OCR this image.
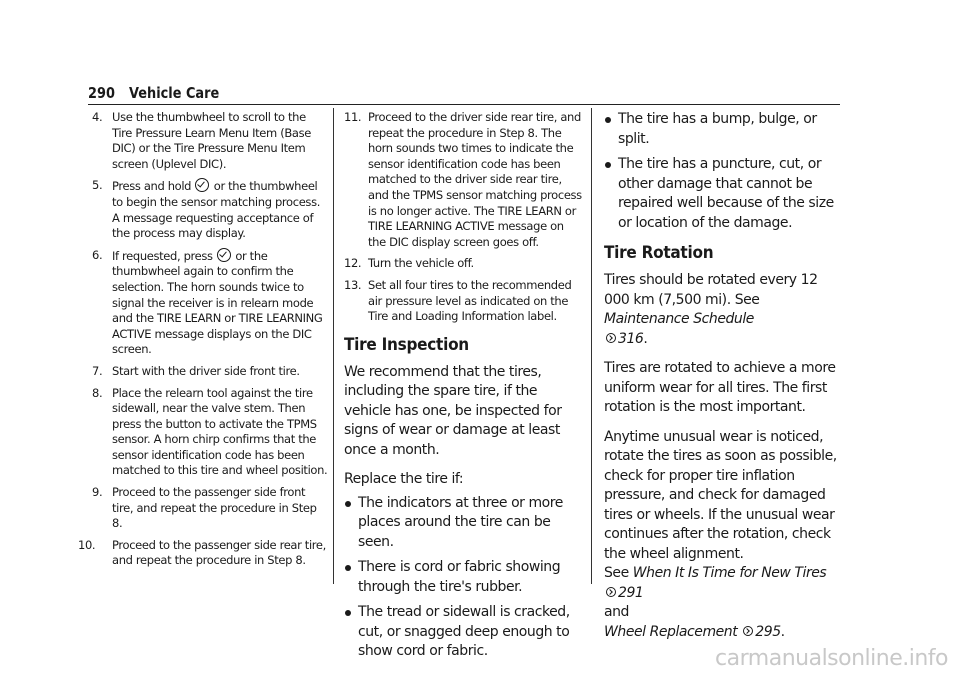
290 Vehicle Care
4. Use the thumbwheel to scroll to the Tire Pressure Learn Menu Item (Base DIC) or the Tire Pressure Menu Item screen (Uplevel DIC).
5. Press and hold or the thumbwheel to begin the sensor matching process. A message requesting acceptance of the process may display.
6. If requested, press or the thumbwheel again to confirm the selection. The horn sounds twice to signal the receiver is in relearn mode and the TIRE LEARN or TIRE LEARNING ACTIVE message displays on the DIC screen.
7. Start with the driver side front tire.
8. Place the relearn tool against the tire sidewall, near the valve stem. Then press the button to activate the TPMS sensor. A horn chirp confirms that the sensor identification code has been matched to this tire and wheel position.
9. Proceed to the passenger side front tire, and repeat the procedure in Step 8.
10. Proceed to the passenger side rear tire, and repeat the procedure in Step 8.
11. Proceed to the driver side rear tire, and repeat the procedure in Step 8. The horn sounds two times to indicate the sensor identification code has been matched to the driver side rear tire, and the TPMS sensor matching process is no longer active. The TIRE LEARN or TIRE LEARNING ACTIVE message on the DIC display screen goes off.
12. Turn the vehicle off.
13. Set all four tires to the recommended air pressure level as indicated on the Tire and Loading Information label.
Tire Inspection

We recommend that the tires, including the spare tire, if the vehicle has one, be inspected for signs of wear or damage at least once a month.

Replace the tire if:

The indicators at three or more places around the tire can be seen.
There is cord or fabric showing through the tire's rubber.
The tread or sidewall is cracked, cut, or snagged deep enough to show cord or fabric.
The tire has a bump, bulge, or split.
The tire has a puncture, cut, or other damage that cannot be repaired well because of the size or location of the damage.
Tire Rotation

Tires should be rotated every 12 000 km (7,500 mi). See Maintenance Schedule
316.

Tires are rotated to achieve a more uniform wear for all tires. The first rotation is the most important.

Anytime unusual wear is noticed, rotate the tires as soon as possible, check for proper tire inflation pressure, and check for damaged tires or wheels. If the unusual wear continues after the rotation, check the wheel alignment.
See When It Is Time for New Tires 291
and
Wheel Replacement 295.

carmanualsonline.info
